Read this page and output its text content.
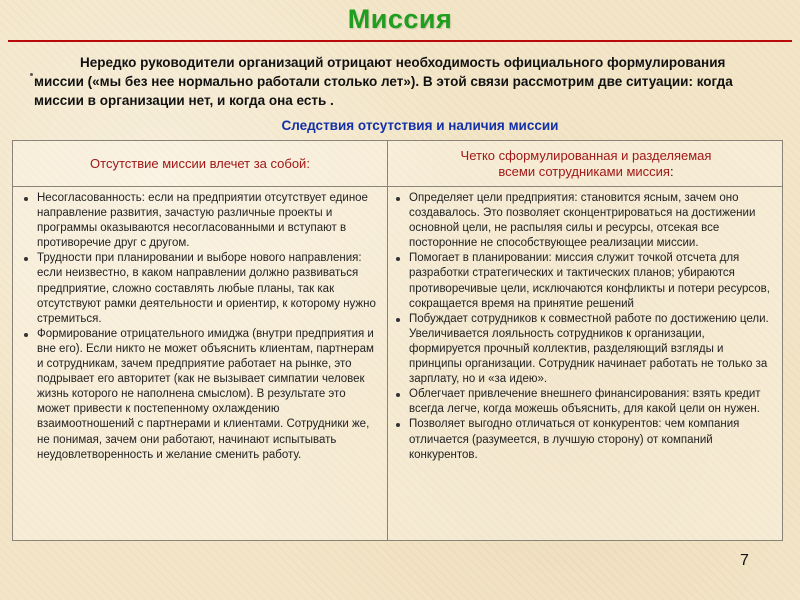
Миссия
Нередко руководители организаций отрицают необходимость официального формулирования миссии («мы без нее нормально работали столько лет»). В этой связи рассмотрим две ситуации: когда миссии в организации нет, и когда она есть .
Следствия отсутствия и наличия миссии
Отсутствие миссии влечет за собой:
Четко сформулированная и разделяемая
всеми сотрудниками миссия:
Несогласованность: если на предприятии отсутствует единое направление развития, зачастую различные проекты и программы оказываются несогласованными и вступают в противоречие друг с другом.
Трудности при планировании и выборе нового направления: если неизвестно, в каком направлении должно развиваться предприятие, сложно составлять любые планы, так как отсутствуют рамки деятельности и ориентир, к которому нужно стремиться.
Формирование отрицательного имиджа (внутри предприятия и вне его). Если никто не может объяснить клиентам, партнерам и сотрудникам, зачем предприятие работает на рынке, это подрывает его авторитет (как не вызывает симпатии человек жизнь которого не наполнена смыслом). В результате это может привести к постепенному охлаждению взаимоотношений с партнерами и клиентами. Сотрудники же, не понимая, зачем они работают, начинают испытывать неудовлетворенность и желание сменить работу.
Определяет цели предприятия: становится ясным, зачем оно создавалось. Это позволяет сконцентрироваться на достижении основной цели, не распыляя силы и ресурсы, отсекая все посторонние не способствующее реализации миссии.
Помогает в планировании: миссия служит точкой отсчета для разработки стратегических и тактических планов; убираются противоречивые цели, исключаются конфликты и потери ресурсов, сокращается время на принятие решений
Побуждает сотрудников к совместной работе по достижению цели. Увеличивается лояльность сотрудников к организации, формируется прочный коллектив, разделяющий взгляды и принципы организации. Сотрудник начинает работать не только за зарплату, но и «за идею».
Облегчает привлечение внешнего финансирования: взять кредит всегда легче, когда можешь объяснить, для какой цели он нужен.
Позволяет выгодно отличаться от конкурентов: чем компания отличается (разумеется, в лучшую сторону) от компаний конкурентов.
7
